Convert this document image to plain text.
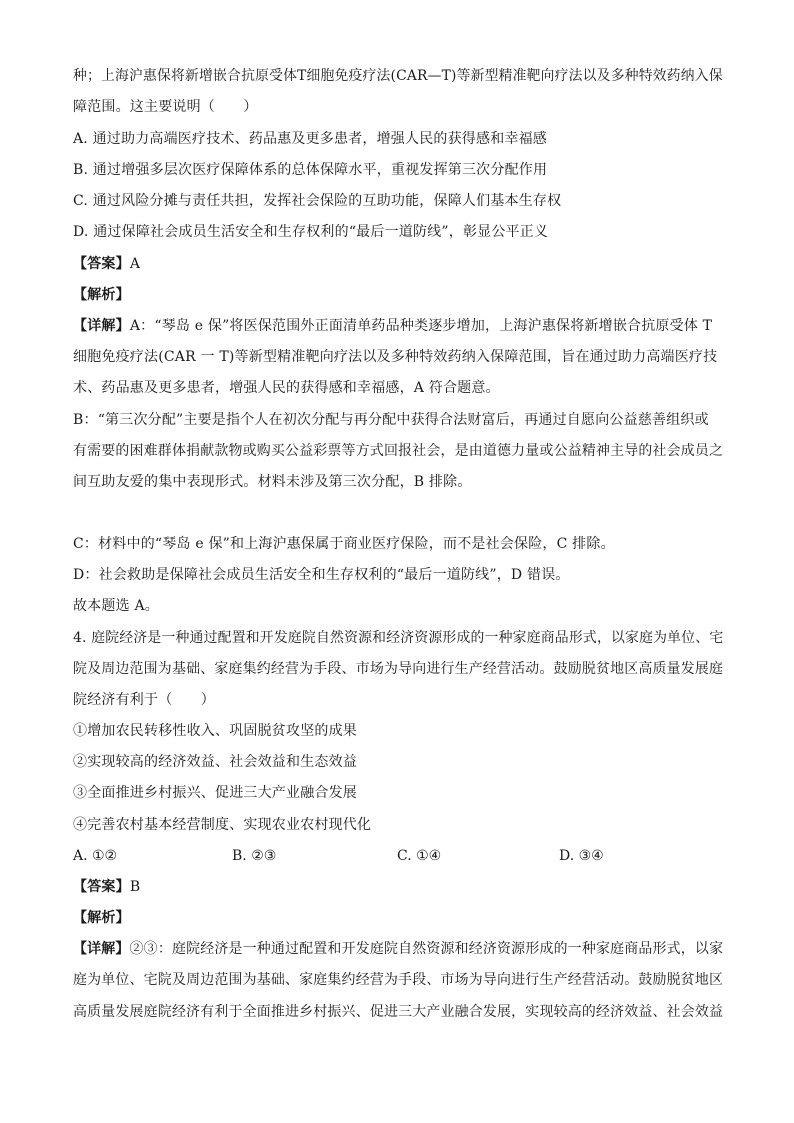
种；上海沪惠保将新增嵌合抗原受体T细胞免疫疗法(CAR—T)等新型精准靶向疗法以及多种特效药纳入保
障范围。这主要说明（　　）
A. 通过助力高端医疗技术、药品惠及更多患者，增强人民的获得感和幸福感
B. 通过增强多层次医疗保障体系的总体保障水平，重视发挥第三次分配作用
C. 通过风险分摊与责任共担，发挥社会保险的互助功能，保障人们基本生存权
D. 通过保障社会成员生活安全和生存权利的“最后一道防线”，彰显公平正义
【答案】A
【解析】
【详解】A：“琴岛 e 保”将医保范围外正面清单药品种类逐步增加，上海沪惠保将新增嵌合抗原受体 T
细胞免疫疗法(CAR 一 T)等新型精准靶向疗法以及多种特效药纳入保障范围，旨在通过助力高端医疗技
术、药品惠及更多患者，增强人民的获得感和幸福感，A 符合题意。
B：“第三次分配”主要是指个人在初次分配与再分配中获得合法财富后，再通过自愿向公益慈善组织或
有需要的困难群体捐献款物或购买公益彩票等方式回报社会，是由道德力量或公益精神主导的社会成员之
间互助友爱的集中表现形式。材料未涉及第三次分配，B 排除。
C：材料中的“琴岛 e 保”和上海沪惠保属于商业医疗保险，而不是社会保险，C 排除。
D：社会救助是保障社会成员生活安全和生存权利的“最后一道防线”，D 错误。
故本题选 A。
4. 庭院经济是一种通过配置和开发庭院自然资源和经济资源形成的一种家庭商品形式，以家庭为单位、宅
院及周边范围为基础、家庭集约经营为手段、市场为导向进行生产经营活动。鼓励脱贫地区高质量发展庭
院经济有利于（　　）
①增加农民转移性收入、巩固脱贫攻坚的成果
②实现较高的经济效益、社会效益和生态效益
③全面推进乡村振兴、促进三大产业融合发展
④完善农村基本经营制度、实现农业农村现代化
A. ①②	B. ②③	C. ①④	D. ③④
【答案】B
【解析】
【详解】②③：庭院经济是一种通过配置和开发庭院自然资源和经济资源形成的一种家庭商品形式，以家
庭为单位、宅院及周边范围为基础、家庭集约经营为手段、市场为导向进行生产经营活动。鼓励脱贫地区
高质量发展庭院经济有利于全面推进乡村振兴、促进三大产业融合发展，实现较高的经济效益、社会效益
